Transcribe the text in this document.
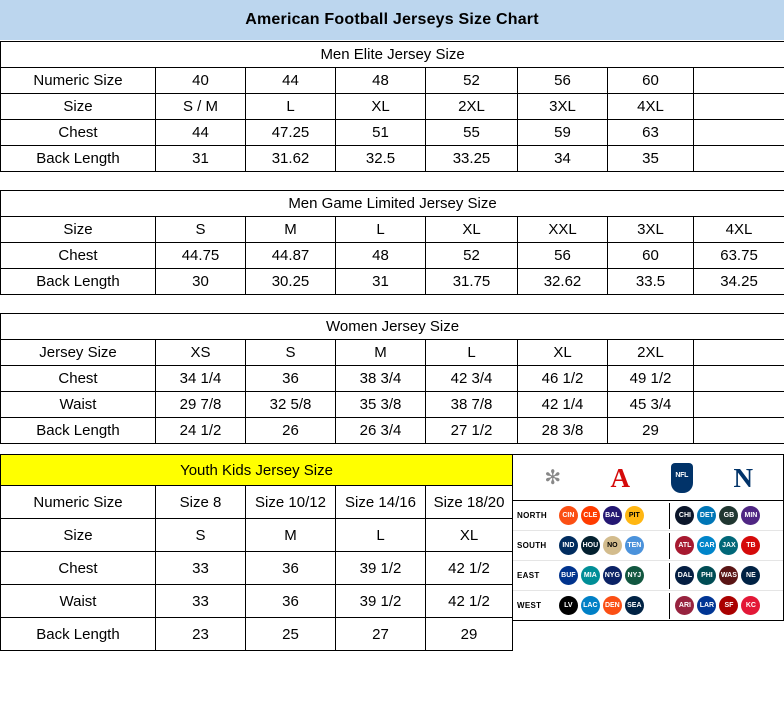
American Football Jerseys Size Chart
Men Elite Jersey Size							
Numeric Size	40	44	48	52	56	60	
Size	S / M	L	XL	2XL	3XL	4XL	
Chest	44	47.25	51	55	59	63	
Back Length	31	31.62	32.5	33.25	34	35	
Men Game Limited Jersey Size							
Size	S	M	L	XL	XXL	3XL	4XL
Chest	44.75	44.87	48	52	56	60	63.75
Back Length	30	30.25	31	31.75	32.62	33.5	34.25
Women Jersey Size							
Jersey Size	XS	S	M	L	XL	2XL	
Chest	34 1/4	36	38 3/4	42 3/4	46 1/2	49 1/2	
Waist	29 7/8	32 5/8	35 3/8	38 7/8	42 1/4	45 3/4	
Back Length	24 1/2	26	26 3/4	27 1/2	28 3/8	29	
Youth Kids Jersey Size				
Numeric Size	Size 8	Size 10/12	Size 14/16	Size 18/20
Size	S	M	L	XL
Chest	33	36	39 1/2	42 1/2
Waist	33	36	39 1/2	42 1/2
Back Length	23	25	27	29
✻	A NFL	N
NORTH	CIN	CLE	BAL	PIT	CHI	DET	GB	MIN
SOUTH	IND	HOU	NO	TEN	ATL	CAR	JAX	TB
EAST	BUF	MIA	NYG	NYJ	DAL	PHI	WAS	NE
WEST	LV	LAC	DEN	SEA	ARI	LAR	SF	KC
